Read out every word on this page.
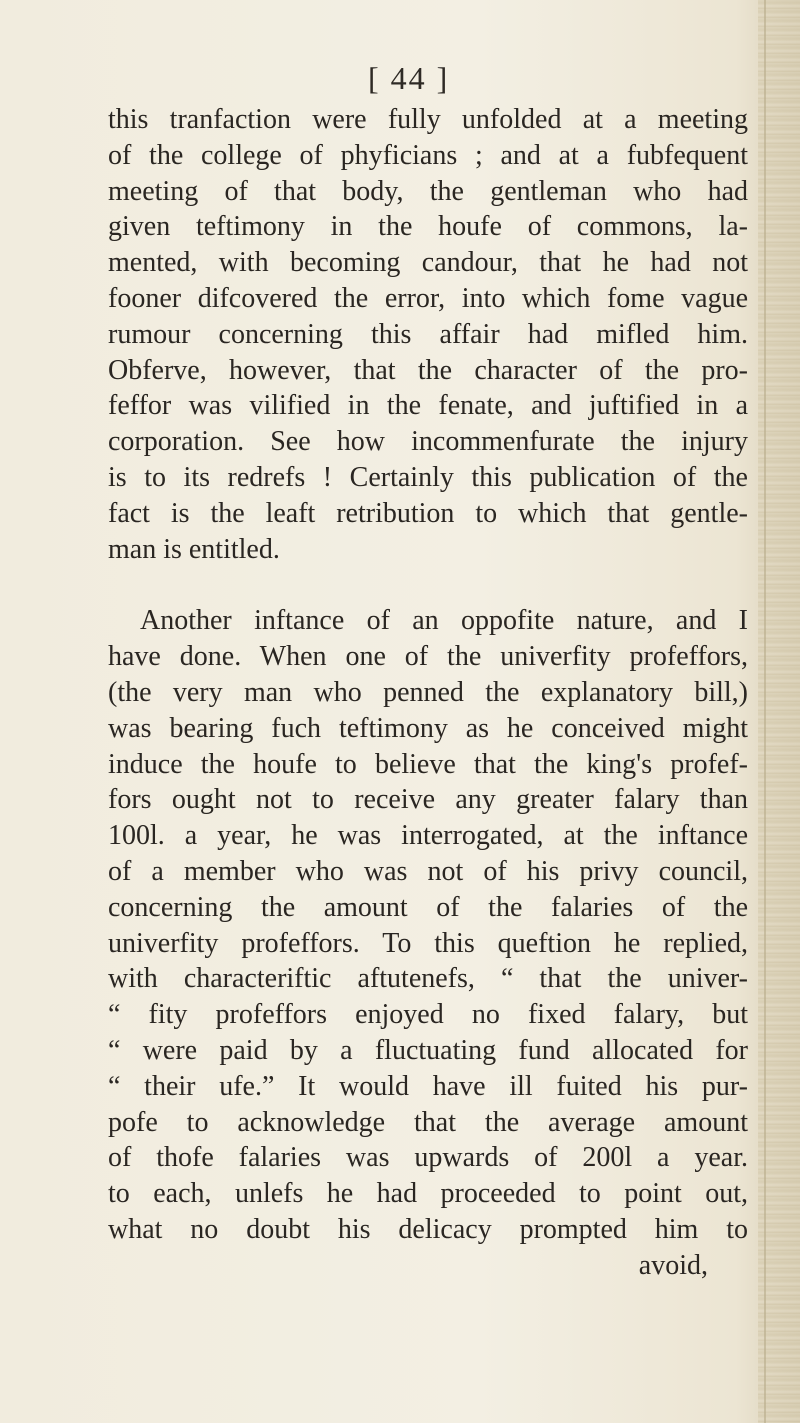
[ 44 ]
this tranfaction were fully unfolded at a meeting
of the college of phyficians ; and at a fubfequent
meeting of that body, the gentleman who had
given teftimony in the houfe of commons, la-
mented, with becoming candour, that he had not
fooner difcovered the error, into which fome vague
rumour concerning this affair had mifled him.
Obferve, however, that the character of the pro-
feffor was vilified in the fenate, and juftified in a
corporation. See how incommenfurate the injury
is to its redrefs ! Certainly this publication of the
fact is the leaft retribution to which that gentle-
man is entitled.
Another inftance of an oppofite nature, and I
have done. When one of the univerfity profeffors,
(the very man who penned the explanatory bill,)
was bearing fuch teftimony as he conceived might
induce the houfe to believe that the king's profef-
fors ought not to receive any greater falary than
100l. a year, he was interrogated, at the inftance
of a member who was not of his privy council,
concerning the amount of the falaries of the
univerfity profeffors. To this queftion he replied,
with characteriftic aftutenefs, “ that the univer-
“ fity profeffors enjoyed no fixed falary, but
“ were paid by a fluctuating fund allocated for
“ their ufe.” It would have ill fuited his pur-
pofe to acknowledge that the average amount
of thofe falaries was upwards of 200l a year.
to each, unlefs he had proceeded to point out,
what no doubt his delicacy prompted him to
avoid,
